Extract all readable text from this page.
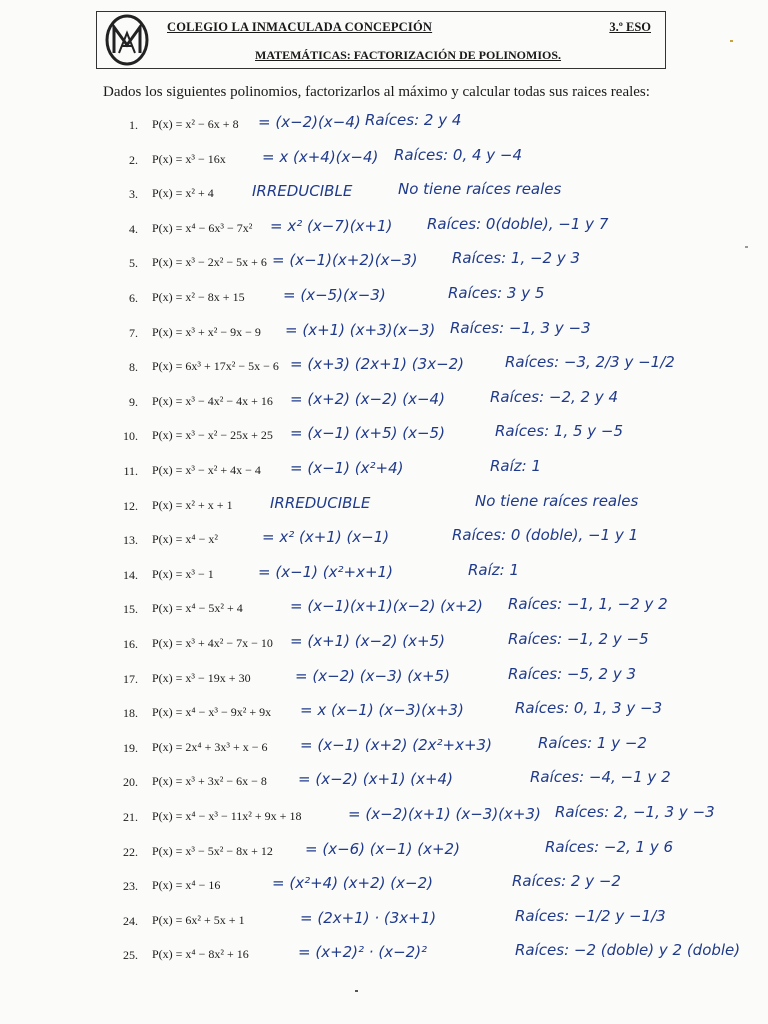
COLEGIO LA INMACULADA CONCEPCIÓN	3.º ESO
MATEMÁTICAS: FACTORIZACIÓN DE POLINOMIOS.
Dados los siguientes polinomios, factorizarlos al máximo y calcular todas sus raices reales:
1. P(x) = x² − 6x + 8 = (x−2)(x−4) Raíces: 2 y 4
2. P(x) = x³ − 16x = x (x+4)(x−4) Raíces: 0, 4 y −4
3. P(x) = x² + 4	IRREDUCIBLE	No tiene raíces reales
4. P(x) = x⁴ − 6x³ − 7x² = x² (x−7)(x+1) Raíces: 0(doble), −1 y 7
5. P(x) = x³ − 2x² − 5x + 6 = (x−1)(x+2)(x−3) Raíces: 1, −2 y 3
6. P(x) = x² − 8x + 15	= (x−5)(x−3)	Raíces: 3 y 5
7. P(x) = x³ + x² − 9x − 9 = (x+1) (x+3)(x−3) Raíces: −1, 3 y −3
8. P(x) = 6x³ + 17x² − 5x − 6 = (x+3) (2x+1) (3x−2)	Raíces: −3, 2/3 y −1/2
9. P(x) = x³ − 4x² − 4x + 16 = (x+2) (x−2) (x−4)	Raíces: −2, 2 y 4
10. P(x) = x³ − x² − 25x + 25 = (x−1) (x+5) (x−5)	Raíces: 1, 5 y −5
11. P(x) = x³ − x² + 4x − 4 = (x−1) (x²+4)	Raíz: 1
12. P(x) = x² + x + 1 IRREDUCIBLE	No tiene raíces reales
13. P(x) = x⁴ − x²	= x² (x+1) (x−1)	Raíces: 0 (doble), −1 y 1
14. P(x) = x³ − 1	= (x−1) (x²+x+1)	Raíz: 1
15. P(x) = x⁴ − 5x² + 4	= (x−1)(x+1)(x−2) (x+2) Raíces: −1, 1, −2 y 2
16. P(x) = x³ + 4x² − 7x − 10 = (x+1) (x−2) (x+5)	Raíces: −1, 2 y −5
17. P(x) = x³ − 19x + 30	= (x−2) (x−3) (x+5)	Raíces: −5, 2 y 3
18. P(x) = x⁴ − x³ − 9x² + 9x = x (x−1) (x−3)(x+3)	Raíces: 0, 1, 3 y −3
19. P(x) = 2x⁴ + 3x³ + x − 6 = (x−1) (x+2) (2x²+x+3)	Raíces: 1 y −2
20. P(x) = x³ + 3x² − 6x − 8 = (x−2) (x+1) (x+4)	Raíces: −4, −1 y 2
21. P(x) = x⁴ − x³ − 11x² + 9x + 18	= (x−2)(x+1) (x−3)(x+3) Raíces: 2, −1, 3 y −3
22. P(x) = x³ − 5x² − 8x + 12 = (x−6) (x−1) (x+2)	Raíces: −2, 1 y 6
23. P(x) = x⁴ − 16	= (x²+4) (x+2) (x−2)	Raíces: 2 y −2
24. P(x) = 6x² + 5x + 1	= (2x+1) · (3x+1)	Raíces: −1/2 y −1/3
25. P(x) = x⁴ − 8x² + 16	= (x+2)² · (x−2)²	Raíces: −2 (doble) y 2 (doble)
